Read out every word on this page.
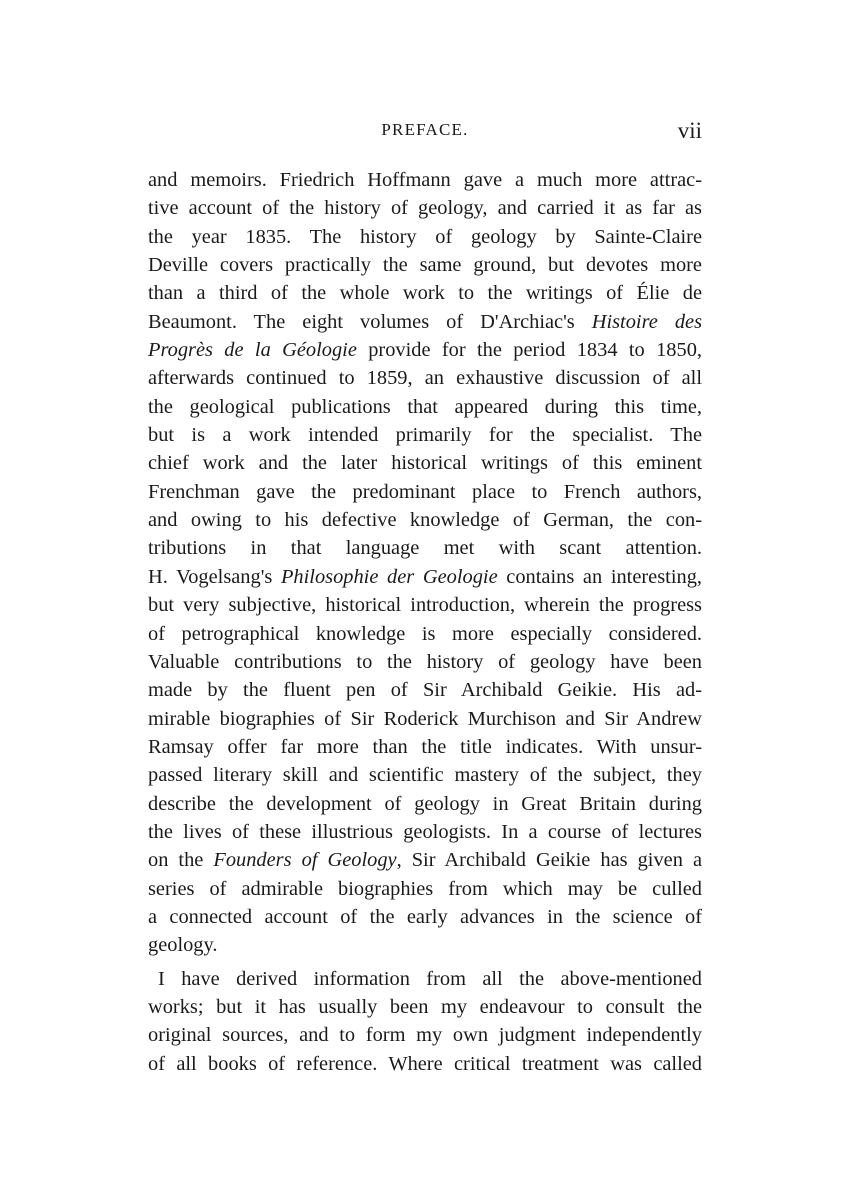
PREFACE.	vii
and memoirs. Friedrich Hoffmann gave a much more attrac-
tive account of the history of geology, and carried it as far as
the year 1835. The history of geology by Sainte-Claire
Deville covers practically the same ground, but devotes more
than a third of the whole work to the writings of Élie de
Beaumont. The eight volumes of D'Archiac's Histoire des
Progrès de la Géologie provide for the period 1834 to 1850,
afterwards continued to 1859, an exhaustive discussion of all
the geological publications that appeared during this time,
but is a work intended primarily for the specialist. The
chief work and the later historical writings of this eminent
Frenchman gave the predominant place to French authors,
and owing to his defective knowledge of German, the con-
tributions in that language met with scant attention.
H. Vogelsang's Philosophie der Geologie contains an interesting,
but very subjective, historical introduction, wherein the progress
of petrographical knowledge is more especially considered.
Valuable contributions to the history of geology have been
made by the fluent pen of Sir Archibald Geikie. His ad-
mirable biographies of Sir Roderick Murchison and Sir Andrew
Ramsay offer far more than the title indicates. With unsur-
passed literary skill and scientific mastery of the subject, they
describe the development of geology in Great Britain during
the lives of these illustrious geologists. In a course of lectures
on the Founders of Geology, Sir Archibald Geikie has given a
series of admirable biographies from which may be culled
a connected account of the early advances in the science of
geology.
I have derived information from all the above-mentioned
works; but it has usually been my endeavour to consult the
original sources, and to form my own judgment independently
of all books of reference. Where critical treatment was called
